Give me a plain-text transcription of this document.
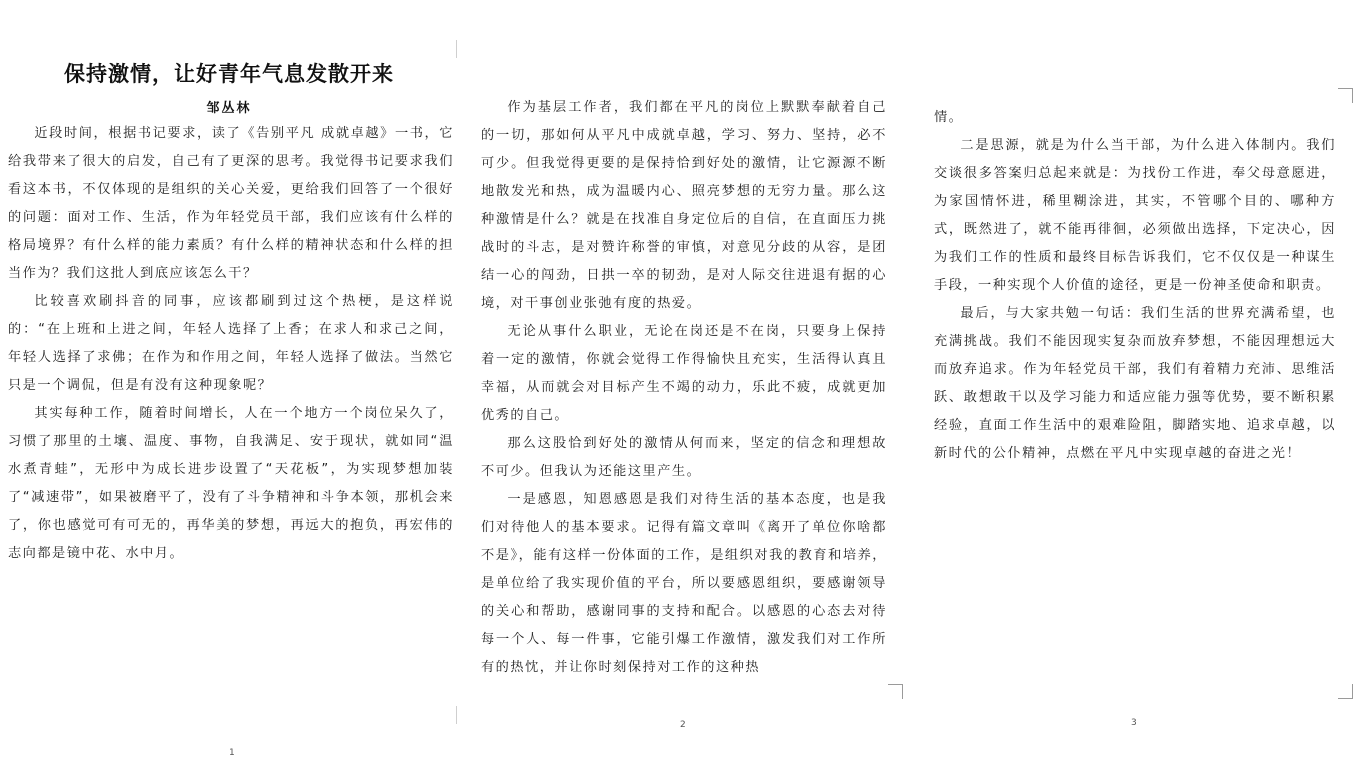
保持激情，让好青年气息发散开来
邹丛林

近段时间，根据书记要求，读了《告别平凡 成就卓越》一书，它给我带来了很大的启发，自己有了更深的思考。我觉得书记要求我们看这本书，不仅体现的是组织的关心关爱，更给我们回答了一个很好的问题：面对工作、生活，作为年轻党员干部，我们应该有什么样的格局境界？有什么样的能力素质？有什么样的精神状态和什么样的担当作为？我们这批人到底应该怎么干？

比较喜欢刷抖音的同事，应该都刷到过这个热梗，是这样说的：“在上班和上进之间，年轻人选择了上香；在求人和求己之间，年轻人选择了求佛；在作为和作用之间，年轻人选择了做法。当然它只是一个调侃，但是有没有这种现象呢？

其实每种工作，随着时间增长，人在一个地方一个岗位呆久了，习惯了那里的土壤、温度、事物，自我满足、安于现状，就如同“温水煮青蛙”，无形中为成长进步设置了“天花板”，为实现梦想加装了“减速带”，如果被磨平了，没有了斗争精神和斗争本领，那机会来了，你也感觉可有可无的，再华美的梦想，再远大的抱负，再宏伟的志向都是镜中花、水中月。

1

作为基层工作者，我们都在平凡的岗位上默默奉献着自己的一切，那如何从平凡中成就卓越，学习、努力、坚持，必不可少。但我觉得更要的是保持恰到好处的激情，让它源源不断地散发光和热，成为温暖内心、照亮梦想的无穷力量。那么这种激情是什么？就是在找准自身定位后的自信，在直面压力挑战时的斗志，是对赞许称誉的审慎，对意见分歧的从容，是团结一心的闯劲，日拱一卒的韧劲，是对人际交往进退有据的心境，对干事创业张弛有度的热爱。

无论从事什么职业，无论在岗还是不在岗，只要身上保持着一定的激情，你就会觉得工作得愉快且充实，生活得认真且幸福，从而就会对目标产生不竭的动力，乐此不疲，成就更加优秀的自己。

那么这股恰到好处的激情从何而来，坚定的信念和理想故不可少。但我认为还能这里产生。

一是感恩，知恩感恩是我们对待生活的基本态度，也是我们对待他人的基本要求。记得有篇文章叫《离开了单位你啥都不是》，能有这样一份体面的工作，是组织对我的教育和培养，是单位给了我实现价值的平台，所以要感恩组织，要感谢领导的关心和帮助，感谢同事的支持和配合。以感恩的心态去对待每一个人、每一件事，它能引爆工作激情，激发我们对工作所有的热忱，并让你时刻保持对工作的这种热

2

情。

二是思源，就是为什么当干部，为什么进入体制内。我们交谈很多答案归总起来就是：为找份工作进，奉父母意愿进，为家国情怀进，稀里糊涂进，其实，不管哪个目的、哪种方式，既然进了，就不能再徘徊，必须做出选择，下定决心，因为我们工作的性质和最终目标告诉我们，它不仅仅是一种谋生手段，一种实现个人价值的途径，更是一份神圣使命和职责。

最后，与大家共勉一句话：我们生活的世界充满希望，也充满挑战。我们不能因现实复杂而放弃梦想，不能因理想远大而放弃追求。作为年轻党员干部，我们有着精力充沛、思维活跃、敢想敢干以及学习能力和适应能力强等优势，要不断积累经验，直面工作生活中的艰难险阻，脚踏实地、追求卓越，以新时代的公仆精神，点燃在平凡中实现卓越的奋进之光！

3
